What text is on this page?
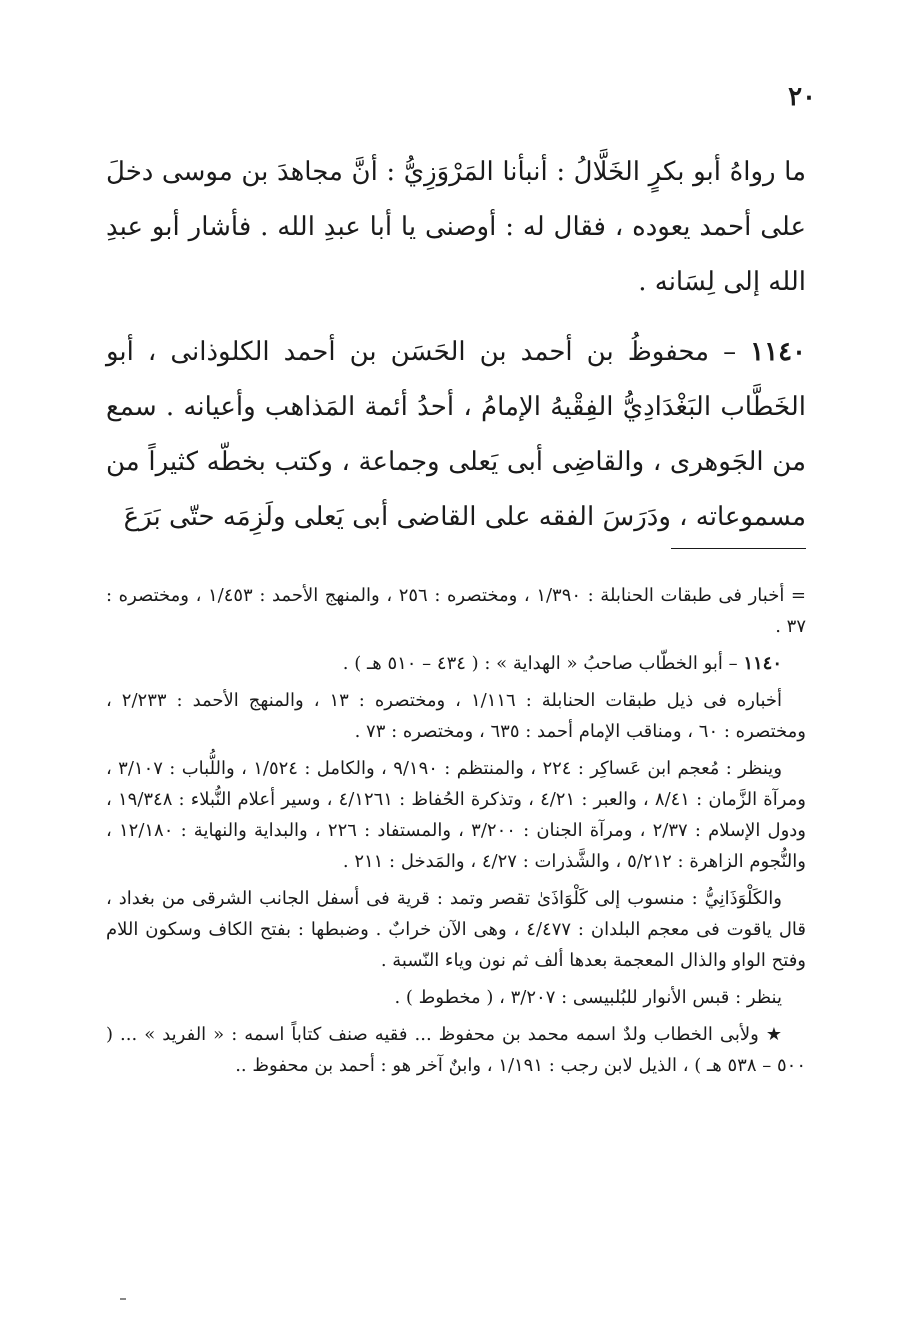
٢٠

ما رواهُ أبو بكرٍ الخَلَّالُ : أنبأنا المَرْوَزِيُّ : أنَّ مجاهدَ بن موسى دخلَ على أحمد يعوده ، فقال له : أوصنى يا أبا عبدِ الله . فأشار أبو عبدِ الله إلى لِسَانه .

١١٤٠ – محفوظُ بن أحمد بن الحَسَن بن أحمد الكلوذانى ، أبو الخَطَّاب البَغْدَادِيُّ الفِقْيهُ الإمامُ ، أحدُ أئمة المَذاهب وأعيانه . سمع من الجَوهرى ، والقاضِى أبى يَعلى وجماعة ، وكتب بخطّه كثيراً من مسموعاته ، ودَرَسَ الفقه على القاضى أبى يَعلى ولَزِمَه حتّى بَرَعَ

= أخبار فى طبقات الحنابلة : ١/٣٩٠ ، ومختصره : ٢٥٦ ، والمنهج الأحمد : ١/٤٥٣ ، ومختصره : ٣٧ .

١١٤٠ – أبو الخطّاب صاحبُ « الهداية » : ( ٤٣٤ – ٥١٠ هـ ) .

أخباره فى ذيل طبقات الحنابلة : ١/١١٦ ، ومختصره : ١٣ ، والمنهج الأحمد : ٢/٢٣٣ ، ومختصره : ٦٠ ، ومناقب الإمام أحمد : ٦٣٥ ، ومختصره : ٧٣ .

وينظر : مُعجم ابن عَساكِر : ٢٢٤ ، والمنتظم : ٩/١٩٠ ، والكامل : ١/٥٢٤ ، واللُّباب : ٣/١٠٧ ، ومرآة الزَّمان : ٨/٤١ ، والعبر : ٤/٢١ ، وتذكرة الحُفاظ : ٤/١٢٦١ ، وسير أعلام النُّبلاء : ١٩/٣٤٨ ، ودول الإسلام : ٢/٣٧ ، ومرآة الجنان : ٣/٢٠٠ ، والمستفاد : ٢٢٦ ، والبداية والنهاية : ١٢/١٨٠ ، والنُّجوم الزاهرة : ٥/٢١٢ ، والشَّذرات : ٤/٢٧ ، والمَدخل : ٢١١ .

والكَلْوَذَانِيُّ : منسوب إلى كَلْوَاذَىٰ تقصر وتمد : قرية فى أسفل الجانب الشرقى من بغداد ، قال ياقوت فى معجم البلدان : ٤/٤٧٧ ، وهى الآن خرابٌ . وضبطها : بفتح الكاف وسكون اللام وفتح الواو والذال المعجمة بعدها ألف ثم نون وياء النّسبة .

ينظر : قبس الأنوار للبُلبيسى : ٣/٢٠٧ ، ( مخطوط ) .

★ ولأبى الخطاب ولدٌ اسمه محمد بن محفوظ ... فقيه صنف كتاباً اسمه : « الفريد » ... ( ٥٠٠ – ٥٣٨ هـ ) ، الذيل لابن رجب : ١/١٩١ ، وابنٌ آخر هو : أحمد بن محفوظ ..
